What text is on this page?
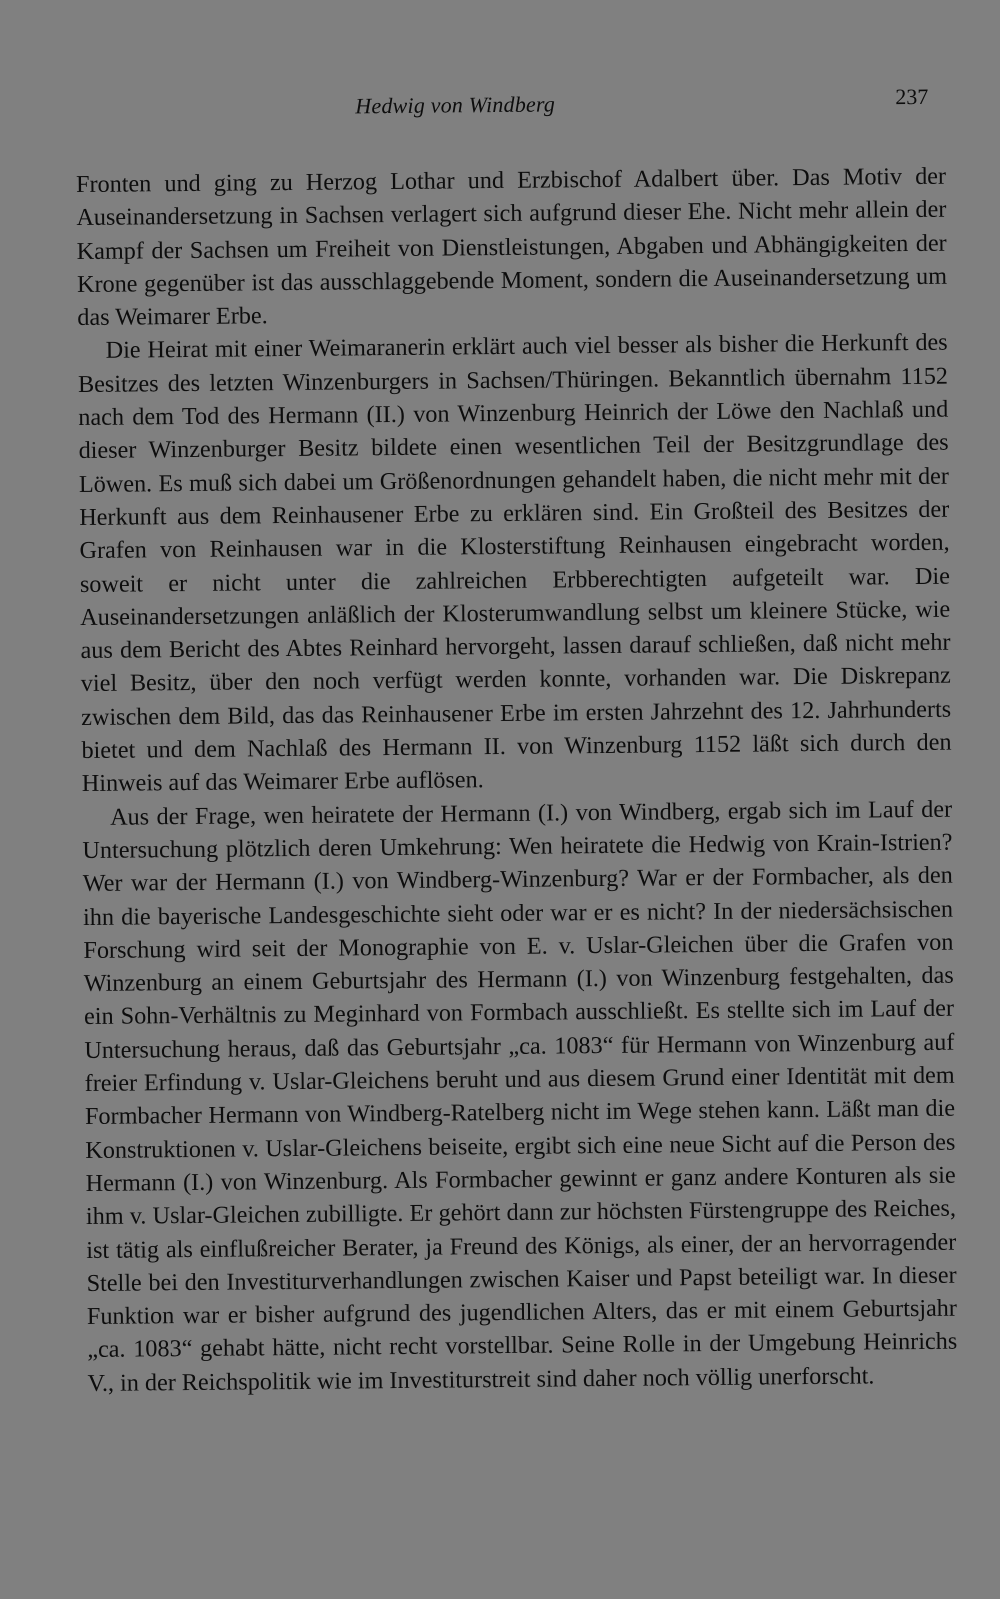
Hedwig von Windberg	237

Fronten und ging zu Herzog Lothar und Erzbischof Adalbert über. Das Motiv der Auseinandersetzung in Sachsen verlagert sich aufgrund dieser Ehe. Nicht mehr allein der Kampf der Sachsen um Freiheit von Dienstleistungen, Abgaben und Abhängigkeiten der Krone gegenüber ist das ausschlaggebende Moment, sondern die Auseinandersetzung um das Weimarer Erbe.

Die Heirat mit einer Weimaranerin erklärt auch viel besser als bisher die Herkunft des Besitzes des letzten Winzenburgers in Sachsen/Thüringen. Bekanntlich übernahm 1152 nach dem Tod des Hermann (II.) von Winzenburg Heinrich der Löwe den Nachlaß und dieser Winzenburger Besitz bildete einen wesentlichen Teil der Besitzgrundlage des Löwen. Es muß sich dabei um Größenordnungen gehandelt haben, die nicht mehr mit der Herkunft aus dem Reinhausener Erbe zu erklären sind. Ein Großteil des Besitzes der Grafen von Reinhausen war in die Klosterstiftung Reinhausen eingebracht worden, soweit er nicht unter die zahlreichen Erbberechtigten aufgeteilt war. Die Auseinandersetzungen anläßlich der Klosterumwandlung selbst um kleinere Stücke, wie aus dem Bericht des Abtes Reinhard hervorgeht, lassen darauf schließen, daß nicht mehr viel Besitz, über den noch verfügt werden konnte, vorhanden war. Die Diskrepanz zwischen dem Bild, das das Reinhausener Erbe im ersten Jahrzehnt des 12. Jahrhunderts bietet und dem Nachlaß des Hermann II. von Winzenburg 1152 läßt sich durch den Hinweis auf das Weimarer Erbe auflösen.

Aus der Frage, wen heiratete der Hermann (I.) von Windberg, ergab sich im Lauf der Untersuchung plötzlich deren Umkehrung: Wen heiratete die Hedwig von Krain-Istrien? Wer war der Hermann (I.) von Windberg-Winzenburg? War er der Formbacher, als den ihn die bayerische Landesgeschichte sieht oder war er es nicht? In der niedersächsischen Forschung wird seit der Monographie von E. v. Uslar-Gleichen über die Grafen von Winzenburg an einem Geburtsjahr des Hermann (I.) von Winzenburg festgehalten, das ein Sohn-Verhältnis zu Meginhard von Formbach ausschließt. Es stellte sich im Lauf der Untersuchung heraus, daß das Geburtsjahr „ca. 1083“ für Hermann von Winzenburg auf freier Erfindung v. Uslar-Gleichens beruht und aus diesem Grund einer Identität mit dem Formbacher Hermann von Windberg-Ratelberg nicht im Wege stehen kann. Läßt man die Konstruktionen v. Uslar-Gleichens beiseite, ergibt sich eine neue Sicht auf die Person des Hermann (I.) von Winzenburg. Als Formbacher gewinnt er ganz andere Konturen als sie ihm v. Uslar-Gleichen zubilligte. Er gehört dann zur höchsten Fürstengruppe des Reiches, ist tätig als einflußreicher Berater, ja Freund des Königs, als einer, der an hervorragender Stelle bei den Investiturverhandlungen zwischen Kaiser und Papst beteiligt war. In dieser Funktion war er bisher aufgrund des jugendlichen Alters, das er mit einem Geburtsjahr „ca. 1083“ gehabt hätte, nicht recht vorstellbar. Seine Rolle in der Umgebung Heinrichs V., in der Reichspolitik wie im Investiturstreit sind daher noch völlig unerforscht.
